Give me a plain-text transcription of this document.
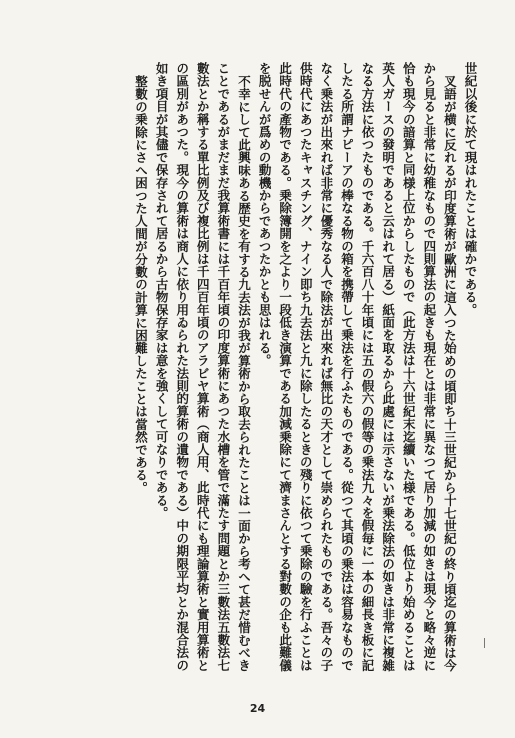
世紀以後に於て現はれたことは確かである。

叉語が横に反れるが印度算術が歐洲に這入つた始めの頃即ち十三世紀から十七世紀の終り頃迄の算術は今から見ると非常に幼稚なもので四則算法の起きも現在とは非常に異なつて居り加減の如きは現今と略々逆に恰も現今の諳算と同様上位からしたもので（此方法は十六世紀末迄續いた様である。低位より始めることは英人ガースの發明であると云はれて居る）紙面を取るから此處には示さないが乗法除法の如きは非常に複雑なる方法に依つたものである。千六百八十年頃には五の假六の假等の乗法九々を假毎に一本の細長き板に記したる所謂ナピーアの棒なる物の箱を携帶して乗法を行ふたものである。從つて其頃の乗法は容易なものでなく乗法が出來れば非常に優秀なる人で除法が出來れば無比の天才として崇められたものである。吾々の子供時代にあつたキャスチング、ナイン即ち九去法と九に除したるときの殘りに依つて乗除の驗を行ふことは此時代の產物である。乗除簿開を之より一段低き演算である加減乗除にて濟まさんとする對數の企も此難儀を脱せんが爲めの動機からであつたかとも思はれる。

不幸にして此興味ある歴史を有する九去法が我が算術から取去られたことは一面から考へて甚だ惜むべきことであるがまだまだ我算術書には千百年頃の印度算術にあつた水槽を管で滿たす問題とか三數法五數法七數法とか稱する單比例及び複比例は千四百年頃のアラビヤ算術（商人用、此時代にも理論算術と實用算術との區別があつた。現今の算術は商人に依り用ゐられた法則的算術の遺物である）中の期限平均とか混合法の如き項目が其儘で保存されて居るから古物保存家は意を強くして可なりである。

整數の乗除にさへ困つた人間が分數の計算に困難したことは當然である。

24
